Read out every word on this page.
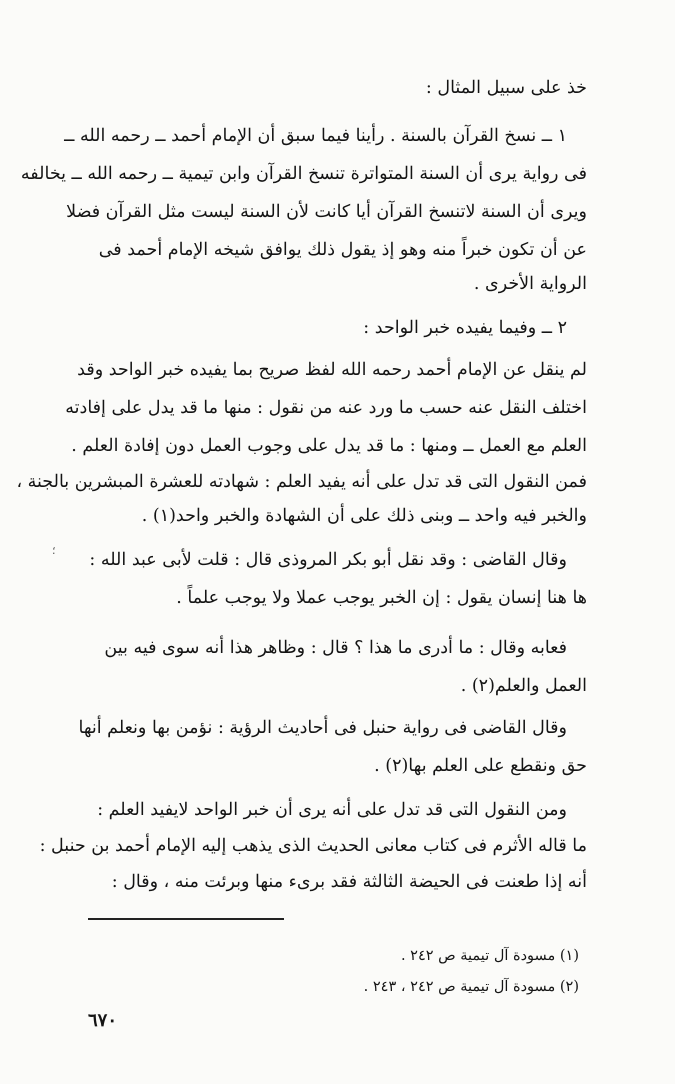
خذ على سبيل المثال :
١ ــ نسخ القرآن بالسنة . رأينا فيما سبق أن الإمام أحمد ــ رحمه الله ــ
فى رواية يرى أن السنة المتواترة تنسخ القرآن وابن تيمية ــ رحمه الله ــ يخالفه
ويرى أن السنة لاتنسخ القرآن أيا كانت لأن السنة ليست مثل القرآن فضلا
عن أن تكون خبراً منه وهو إذ يقول ذلك يوافق شيخه الإمام أحمد فى
الرواية الأخرى .
٢ ــ وفيما يفيده خبر الواحد :
لم ينقل عن الإمام أحمد رحمه الله لفظ صريح بما يفيده خبر الواحد وقد
اختلف النقل عنه حسب ما ورد عنه من نقول : منها ما قد يدل على إفادته
العلم مع العمل ــ ومنها : ما قد يدل على وجوب العمل دون إفادة العلم .
فمن النقول التى قد تدل على أنه يفيد العلم : شهادته للعشرة المبشرين بالجنة ،
والخبر فيه واحد ــ وبنى ذلك على أن الشهادة والخبر واحد(١) .
وقال القاضى : وقد نقل أبو بكر المروذى قال : قلت لأبى عبد الله :
ها هنا إنسان يقول : إن الخبر يوجب عملا ولا يوجب علماً .
فعابه وقال : ما أدرى ما هذا ؟ قال : وظاهر هذا أنه سوى فيه بين
العمل والعلم(٢) .
وقال القاضى فى رواية حنبل فى أحاديث الرؤية : نؤمن بها ونعلم أنها
حق ونقطع على العلم بها(٢) .
ومن النقول التى قد تدل على أنه يرى أن خبر الواحد لايفيد العلم :
ما قاله الأثرم فى كتاب معانى الحديث الذى يذهب إليه الإمام أحمد بن حنبل :
أنه إذا طعنت فى الحيضة الثالثة فقد برىء منها وبرئت منه ، وقال :
؛
(١) مسودة آل تيمية ص ٢٤٢ .
(٢) مسودة آل تيمية ص ٢٤٢ ، ٢٤٣ .
٦٧٠
